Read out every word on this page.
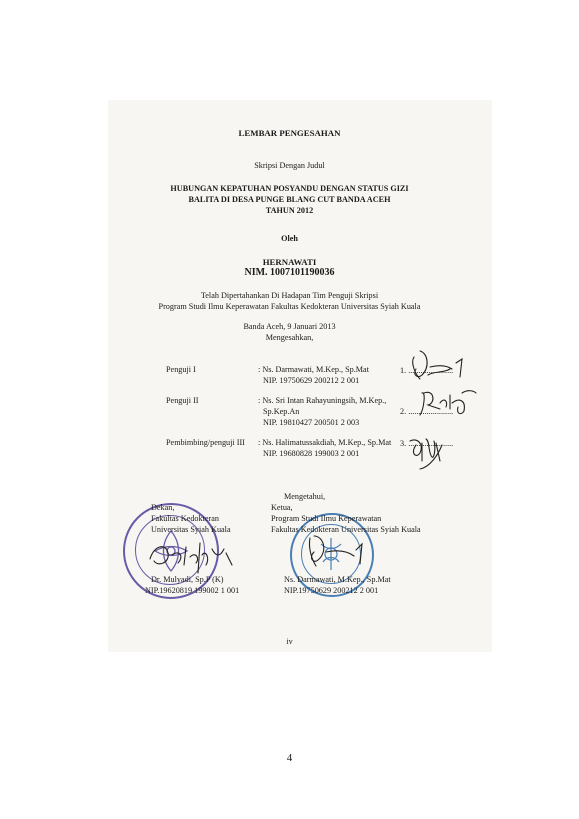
LEMBAR PENGESAHAN
Skripsi Dengan Judul
HUBUNGAN KEPATUHAN POSYANDU DENGAN STATUS GIZI
BALITA DI DESA PUNGE BLANG CUT BANDA ACEH
TAHUN 2012
Oleh
HERNAWATI
NIM. 1007101190036
Telah Dipertahankan Di Hadapan Tim Penguji Skripsi
Program Studi Ilmu Keperawatan Fakultas Kedokteran Universitas Syiah Kuala
Banda Aceh, 9 Januari 2013
Mengesahkan,
Penguji I	: Ns. Darmawati, M.Kep., Sp.Mat
NIP. 19750629 200212 2 001
1. ......................
Penguji II	: Ns. Sri Intan Rahayuningsih, M.Kep.,
Sp.Kep.An
NIP. 19810427 200501 2 003
2. ......................
Pembimbing/penguji III : Ns. Halimatussakdiah, M.Kep., Sp.Mat
NIP. 19680828 199003 2 001
3. ......................
Mengetahui,
Dekan,
Fakultas Kedokteran
Universitas Syiah Kuala
Ketua,
Program Studi Ilmu Keperawatan
Fakultas Kedokteran Universitas Syiah Kuala
Dr. Mulyadi, Sp.P (K)
NIP.19620819 199002 1 001
Ns. Darmawati, M.Kep., Sp.Mat
NIP.19750629 200212 2 001
iv
4
